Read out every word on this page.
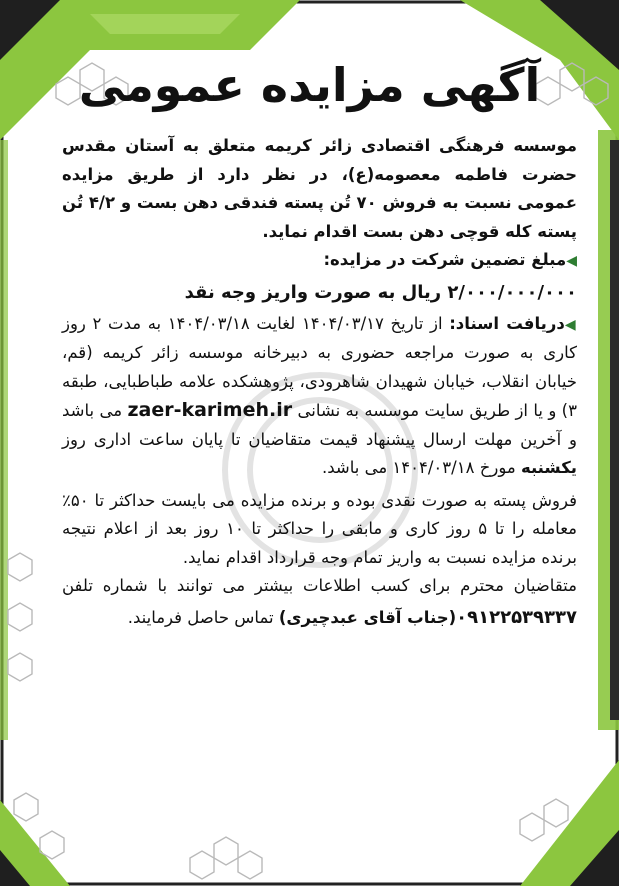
آگهی مزایده عمومی

موسسه فرهنگی اقتصادی زائر کریمه متعلق به آستان مقدس حضرت فاطمه معصومه(ع)، در نظر دارد از طریق مزایده عمومی نسبت به فروش ۷۰ تُن پسته فندقی دهن بست و ۴/۲ تُن پسته کله قوچی دهن بست اقدام نماید.

◀مبلغ تضمین شرکت در مزایده:

۲/۰۰۰/۰۰۰/۰۰۰ ریال به صورت واریز وجه نقد

◀دریافت اسناد: از تاریخ ۱۴۰۴/۰۳/۱۷ لغایت ۱۴۰۴/۰۳/۱۸ به مدت ۲ روز کاری به صورت مراجعه حضوری به دبیرخانه موسسه زائر کریمه (قم، خیابان انقلاب، خیابان شهیدان شاهرودی، پژوهشکده علامه طباطبایی، طبقه ۳) و یا از طریق سایت موسسه به نشانی zaer-karimeh.ir می باشد و آخرین مهلت ارسال پیشنهاد قیمت متقاضیان تا پایان ساعت اداری روز یکشنبه مورخ ۱۴۰۴/۰۳/۱۸ می باشد.

فروش پسته به صورت نقدی بوده و برنده مزایده می بایست حداکثر تا ۵۰٪ معامله را تا ۵ روز کاری و مابقی را حداکثر تا ۱۰ روز بعد از اعلام نتیجه برنده مزایده نسبت به واریز تمام وجه قرارداد اقدام نماید.

متقاضیان محترم برای کسب اطلاعات بیشتر می توانند با شماره تلفن ۰۹۱۲۲۵۳۹۳۳۷(جناب آقای عبدچیری) تماس حاصل فرمایند.
